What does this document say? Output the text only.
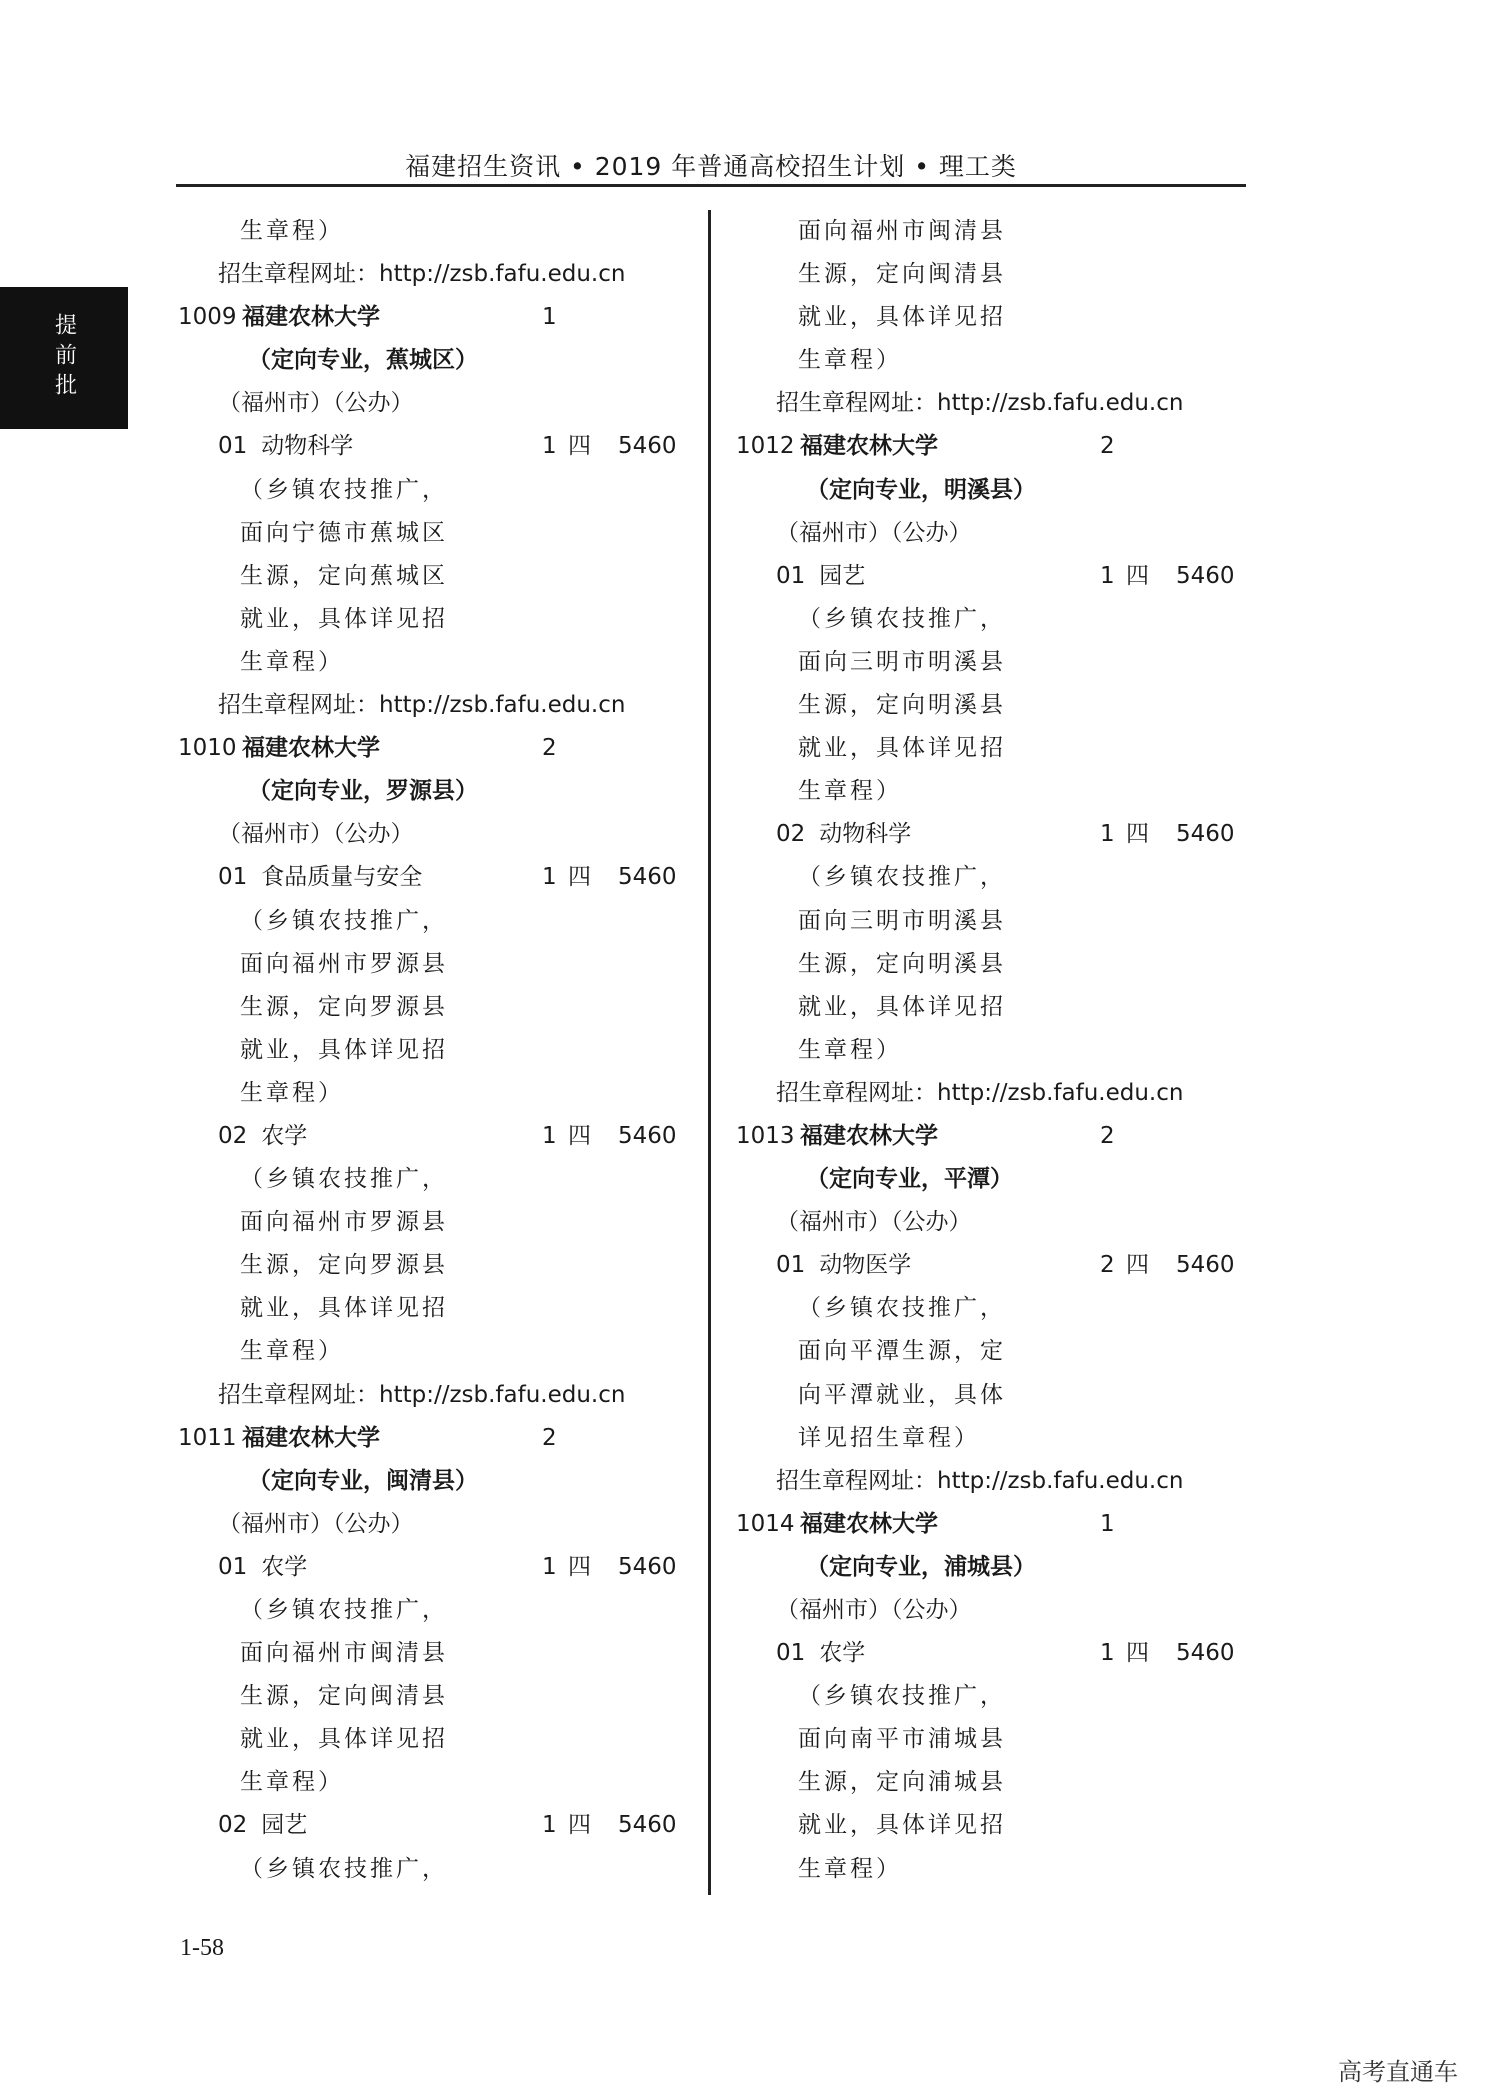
福建招生资讯 • 2019 年普通高校招生计划 • 理工类
提前批
生章程）
招生章程网址：http://zsb.fafu.edu.cn
1009 福建农林大学	1
（定向专业，蕉城区）
（福州市）（公办）
01 动物科学	1 四 5460
（乡镇农技推广，
面向宁德市蕉城区
生源，定向蕉城区
就业，具体详见招
生章程）
招生章程网址：http://zsb.fafu.edu.cn
1010 福建农林大学	2
（定向专业，罗源县）
（福州市）（公办）
01 食品质量与安全	1 四 5460
（乡镇农技推广，
面向福州市罗源县
生源，定向罗源县
就业，具体详见招
生章程）
02 农学	1 四 5460
（乡镇农技推广，
面向福州市罗源县
生源，定向罗源县
就业，具体详见招
生章程）
招生章程网址：http://zsb.fafu.edu.cn
1011 福建农林大学	2
（定向专业，闽清县）
（福州市）（公办）
01 农学	1 四 5460
（乡镇农技推广，
面向福州市闽清县
生源，定向闽清县
就业，具体详见招
生章程）
02 园艺	1 四 5460
（乡镇农技推广，
面向福州市闽清县
生源，定向闽清县
就业，具体详见招
生章程）
招生章程网址：http://zsb.fafu.edu.cn
1012 福建农林大学	2
（定向专业，明溪县）
（福州市）（公办）
01 园艺	1 四 5460
（乡镇农技推广，
面向三明市明溪县
生源，定向明溪县
就业，具体详见招
生章程）
02 动物科学	1 四 5460
（乡镇农技推广，
面向三明市明溪县
生源，定向明溪县
就业，具体详见招
生章程）
招生章程网址：http://zsb.fafu.edu.cn
1013 福建农林大学	2
（定向专业，平潭）
（福州市）（公办）
01 动物医学	2 四 5460
（乡镇农技推广，
面向平潭生源，定
向平潭就业，具体
详见招生章程）
招生章程网址：http://zsb.fafu.edu.cn
1014 福建农林大学	1
（定向专业，浦城县）
（福州市）（公办）
01 农学	1 四 5460
（乡镇农技推广，
面向南平市浦城县
生源，定向浦城县
就业，具体详见招
生章程）
1-58
高考直通车
